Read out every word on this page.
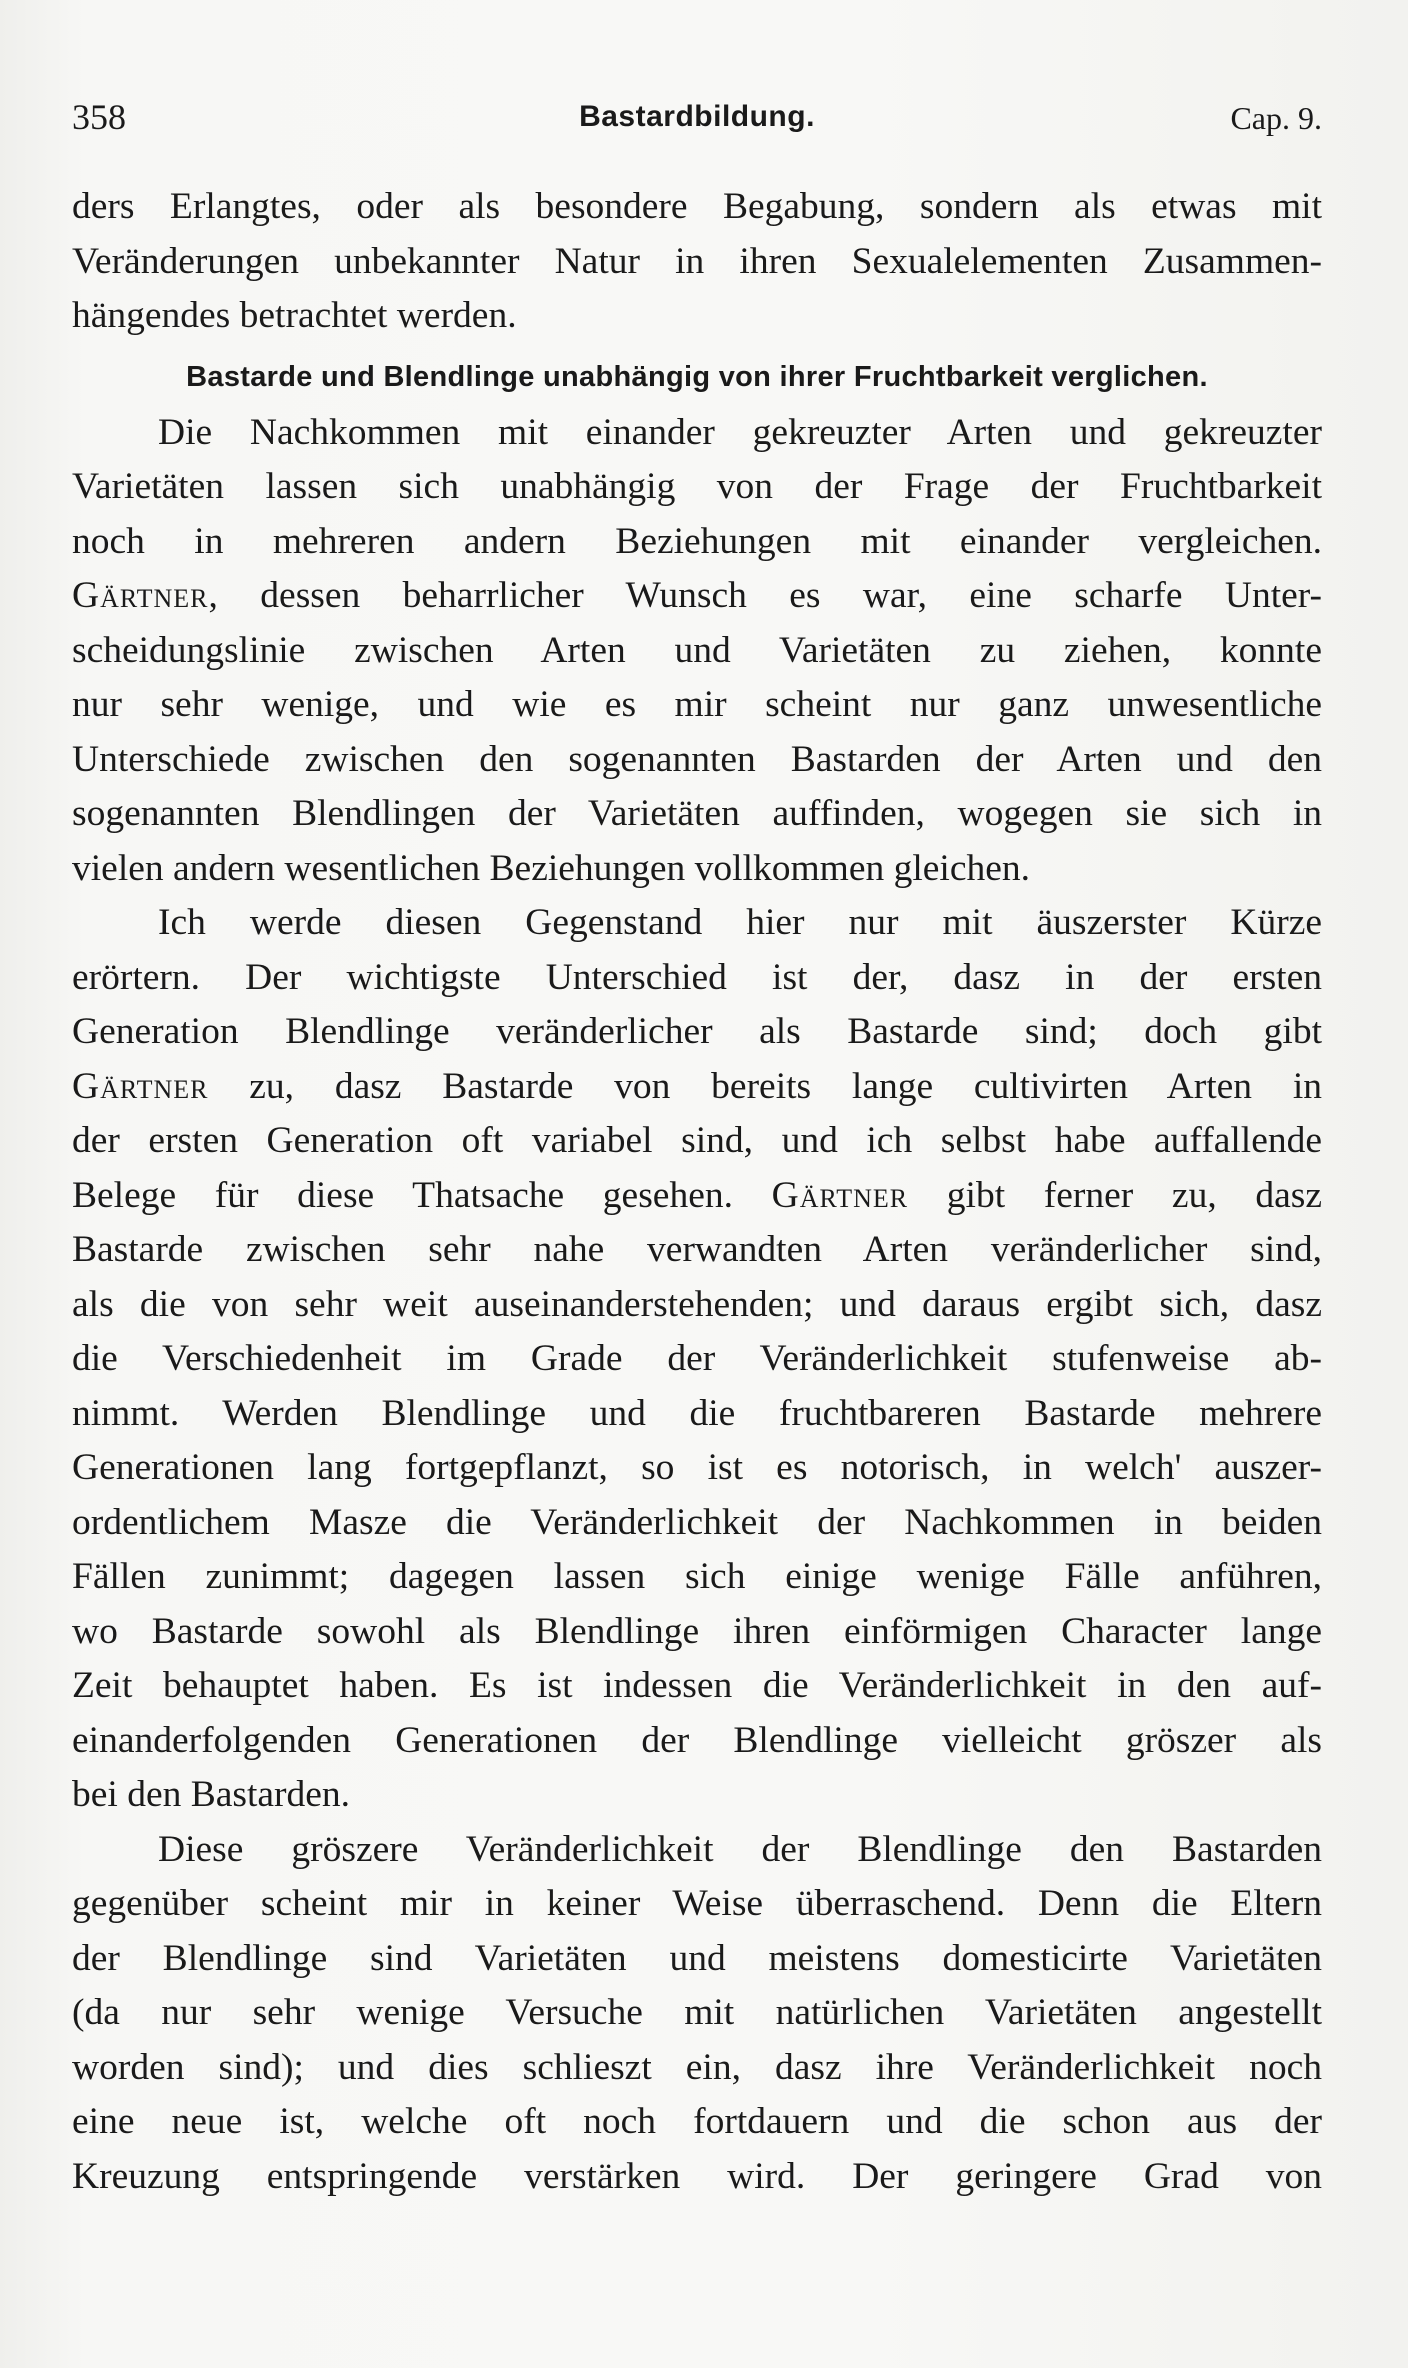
358	Bastardbildung.	Cap. 9.
ders Erlangtes, oder als besondere Begabung, sondern als etwas mit
Veränderungen unbekannter Natur in ihren Sexualelementen Zusammen-
hängendes betrachtet werden.
Bastarde und Blendlinge unabhängig von ihrer Fruchtbarkeit verglichen.
Die Nachkommen mit einander gekreuzter Arten und gekreuzter
Varietäten lassen sich unabhängig von der Frage der Fruchtbarkeit
noch in mehreren andern Beziehungen mit einander vergleichen.
Gärtner, dessen beharrlicher Wunsch es war, eine scharfe Unter-
scheidungslinie zwischen Arten und Varietäten zu ziehen, konnte
nur sehr wenige, und wie es mir scheint nur ganz unwesentliche
Unterschiede zwischen den sogenannten Bastarden der Arten und den
sogenannten Blendlingen der Varietäten auffinden, wogegen sie sich in
vielen andern wesentlichen Beziehungen vollkommen gleichen.
Ich werde diesen Gegenstand hier nur mit äuszerster Kürze
erörtern. Der wichtigste Unterschied ist der, dasz in der ersten
Generation Blendlinge veränderlicher als Bastarde sind; doch gibt
Gärtner zu, dasz Bastarde von bereits lange cultivirten Arten in
der ersten Generation oft variabel sind, und ich selbst habe auffallende
Belege für diese Thatsache gesehen. Gärtner gibt ferner zu, dasz
Bastarde zwischen sehr nahe verwandten Arten veränderlicher sind,
als die von sehr weit auseinanderstehenden; und daraus ergibt sich, dasz
die Verschiedenheit im Grade der Veränderlichkeit stufenweise ab-
nimmt. Werden Blendlinge und die fruchtbareren Bastarde mehrere
Generationen lang fortgepflanzt, so ist es notorisch, in welch' auszer-
ordentlichem Masze die Veränderlichkeit der Nachkommen in beiden
Fällen zunimmt; dagegen lassen sich einige wenige Fälle anführen,
wo Bastarde sowohl als Blendlinge ihren einförmigen Character lange
Zeit behauptet haben. Es ist indessen die Veränderlichkeit in den auf-
einanderfolgenden Generationen der Blendlinge vielleicht gröszer als
bei den Bastarden.
Diese gröszere Veränderlichkeit der Blendlinge den Bastarden
gegenüber scheint mir in keiner Weise überraschend. Denn die Eltern
der Blendlinge sind Varietäten und meistens domesticirte Varietäten
(da nur sehr wenige Versuche mit natürlichen Varietäten angestellt
worden sind); und dies schlieszt ein, dasz ihre Veränderlichkeit noch
eine neue ist, welche oft noch fortdauern und die schon aus der
Kreuzung entspringende verstärken wird. Der geringere Grad von
